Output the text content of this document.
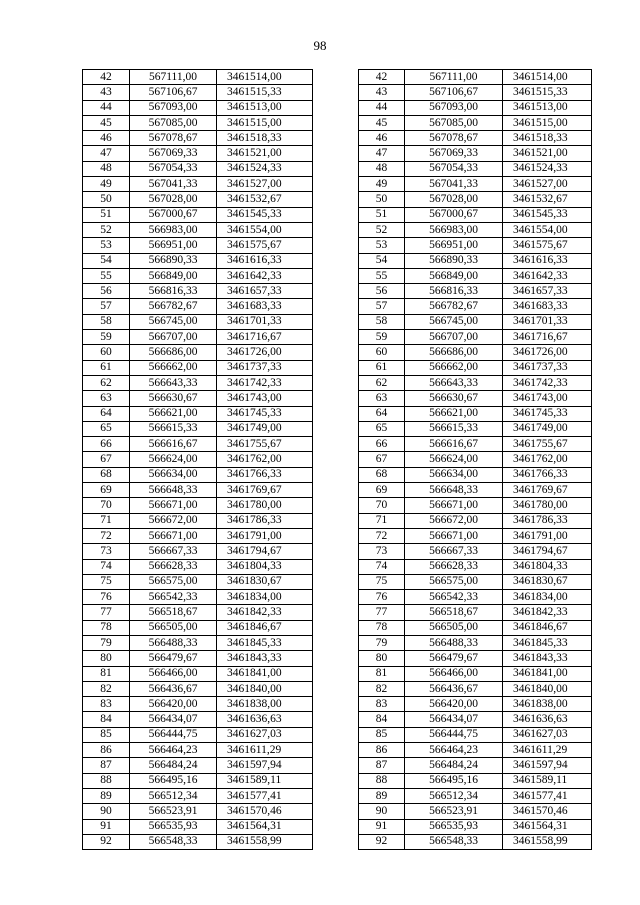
98
42	567111,00	3461514,00
43	567106,67	3461515,33
44	567093,00	3461513,00
45	567085,00	3461515,00
46	567078,67	3461518,33
47	567069,33	3461521,00
48	567054,33	3461524,33
49	567041,33	3461527,00
50	567028,00	3461532,67
51	567000,67	3461545,33
52	566983,00	3461554,00
53	566951,00	3461575,67
54	566890,33	3461616,33
55	566849,00	3461642,33
56	566816,33	3461657,33
57	566782,67	3461683,33
58	566745,00	3461701,33
59	566707,00	3461716,67
60	566686,00	3461726,00
61	566662,00	3461737,33
62	566643,33	3461742,33
63	566630,67	3461743,00
64	566621,00	3461745,33
65	566615,33	3461749,00
66	566616,67	3461755,67
67	566624,00	3461762,00
68	566634,00	3461766,33
69	566648,33	3461769,67
70	566671,00	3461780,00
71	566672,00	3461786,33
72	566671,00	3461791,00
73	566667,33	3461794,67
74	566628,33	3461804,33
75	566575,00	3461830,67
76	566542,33	3461834,00
77	566518,67	3461842,33
78	566505,00	3461846,67
79	566488,33	3461845,33
80	566479,67	3461843,33
81	566466,00	3461841,00
82	566436,67	3461840,00
83	566420,00	3461838,00
84	566434,07	3461636,63
85	566444,75	3461627,03
86	566464,23	3461611,29
87	566484,24	3461597,94
88	566495,16	3461589,11
89	566512,34	3461577,41
90	566523,91	3461570,46
91	566535,93	3461564,31
92	566548,33	3461558,99
42	567111,00	3461514,00
43	567106,67	3461515,33
44	567093,00	3461513,00
45	567085,00	3461515,00
46	567078,67	3461518,33
47	567069,33	3461521,00
48	567054,33	3461524,33
49	567041,33	3461527,00
50	567028,00	3461532,67
51	567000,67	3461545,33
52	566983,00	3461554,00
53	566951,00	3461575,67
54	566890,33	3461616,33
55	566849,00	3461642,33
56	566816,33	3461657,33
57	566782,67	3461683,33
58	566745,00	3461701,33
59	566707,00	3461716,67
60	566686,00	3461726,00
61	566662,00	3461737,33
62	566643,33	3461742,33
63	566630,67	3461743,00
64	566621,00	3461745,33
65	566615,33	3461749,00
66	566616,67	3461755,67
67	566624,00	3461762,00
68	566634,00	3461766,33
69	566648,33	3461769,67
70	566671,00	3461780,00
71	566672,00	3461786,33
72	566671,00	3461791,00
73	566667,33	3461794,67
74	566628,33	3461804,33
75	566575,00	3461830,67
76	566542,33	3461834,00
77	566518,67	3461842,33
78	566505,00	3461846,67
79	566488,33	3461845,33
80	566479,67	3461843,33
81	566466,00	3461841,00
82	566436,67	3461840,00
83	566420,00	3461838,00
84	566434,07	3461636,63
85	566444,75	3461627,03
86	566464,23	3461611,29
87	566484,24	3461597,94
88	566495,16	3461589,11
89	566512,34	3461577,41
90	566523,91	3461570,46
91	566535,93	3461564,31
92	566548,33	3461558,99
